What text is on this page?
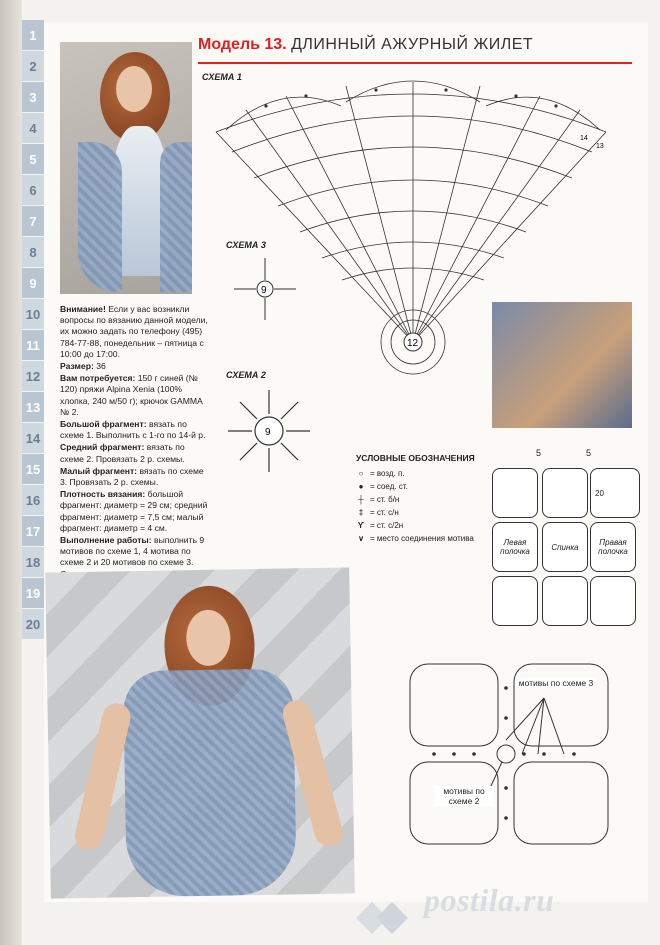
1
2
3
4
5
6
7
8
9
10
11
12
13
14
15
16
17
18
19
20
Модель 13. ДЛИННЫЙ АЖУРНЫЙ ЖИЛЕТ
12
14
13
СХЕМА 1
СХЕМА 3
9
СХЕМА 2
9

Внимание! Если у вас возникли вопросы по вязанию данной модели, их можно задать по телефону (495) 784-77-88, понедельник – пятница с 10:00 до 17:00.

Размер: 36

Вам потребуется: 150 г синей (№ 120) пряжи Alpina Xenia (100% хлопка, 240 м/50 г); крючок GAMMA № 2.

Большой фрагмент: вязать по схеме 1. Выполнить с 1-го по 14-й р.

Средний фрагмент: вязать по схеме 2. Провязать 2 р. схемы.

Малый фрагмент: вязать по схеме 3. Провязать 2 р. схемы.

Плотность вязания: большой фрагмент: диаметр = 29 см; средний фрагмент: диаметр = 7,5 см; малый фрагмент: диаметр = 4 см.

Выполнение работы: выполнить 9 мотивов по схеме 1, 4 мотива по схеме 2 и 20 мотивов по схеме 3.

УСЛОВНЫЕ ОБОЗНАЧЕНИЯ
○ = возд. п.
● = соед. ст.
┼ = ст. б/н
‡ = ст. с/н
ϒ = ст. с/2н
∨ = место соединения мотива
5	5
20
Левая полочка	Спинка	Правая полочка
мотивы по схеме 3
мотивы по схеме 2
postila.ru
